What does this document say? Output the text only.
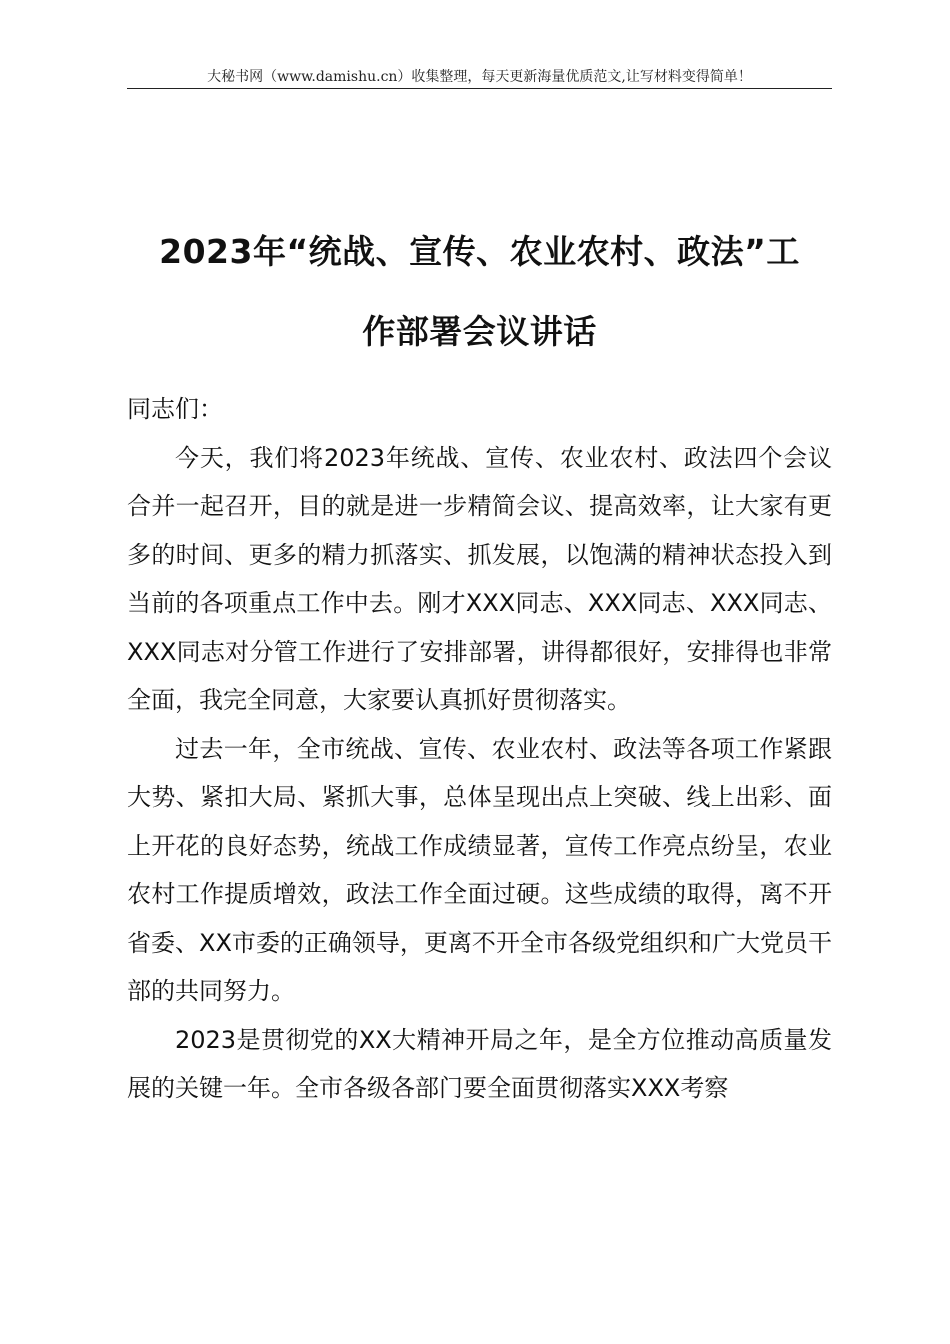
大秘书网（www.damishu.cn）收集整理，每天更新海量优质范文,让写材料变得简单！
2023年“统战、宣传、农业农村、政法”工
作部署会议讲话

同志们：

今天，我们将2023年统战、宣传、农业农村、政法四个会议合并一起召开，目的就是进一步精简会议、提高效率，让大家有更多的时间、更多的精力抓落实、抓发展，以饱满的精神状态投入到当前的各项重点工作中去。刚才XXX同志、XXX同志、XXX同志、XXX同志对分管工作进行了安排部署，讲得都很好，安排得也非常全面，我完全同意，大家要认真抓好贯彻落实。

过去一年，全市统战、宣传、农业农村、政法等各项工作紧跟大势、紧扣大局、紧抓大事，总体呈现出点上突破、线上出彩、面上开花的良好态势，统战工作成绩显著，宣传工作亮点纷呈，农业农村工作提质增效，政法工作全面过硬。这些成绩的取得，离不开省委、XX市委的正确领导，更离不开全市各级党组织和广大党员干部的共同努力。

2023是贯彻党的XX大精神开局之年，是全方位推动高质量发展的关键一年。全市各级各部门要全面贯彻落实XXX考察
